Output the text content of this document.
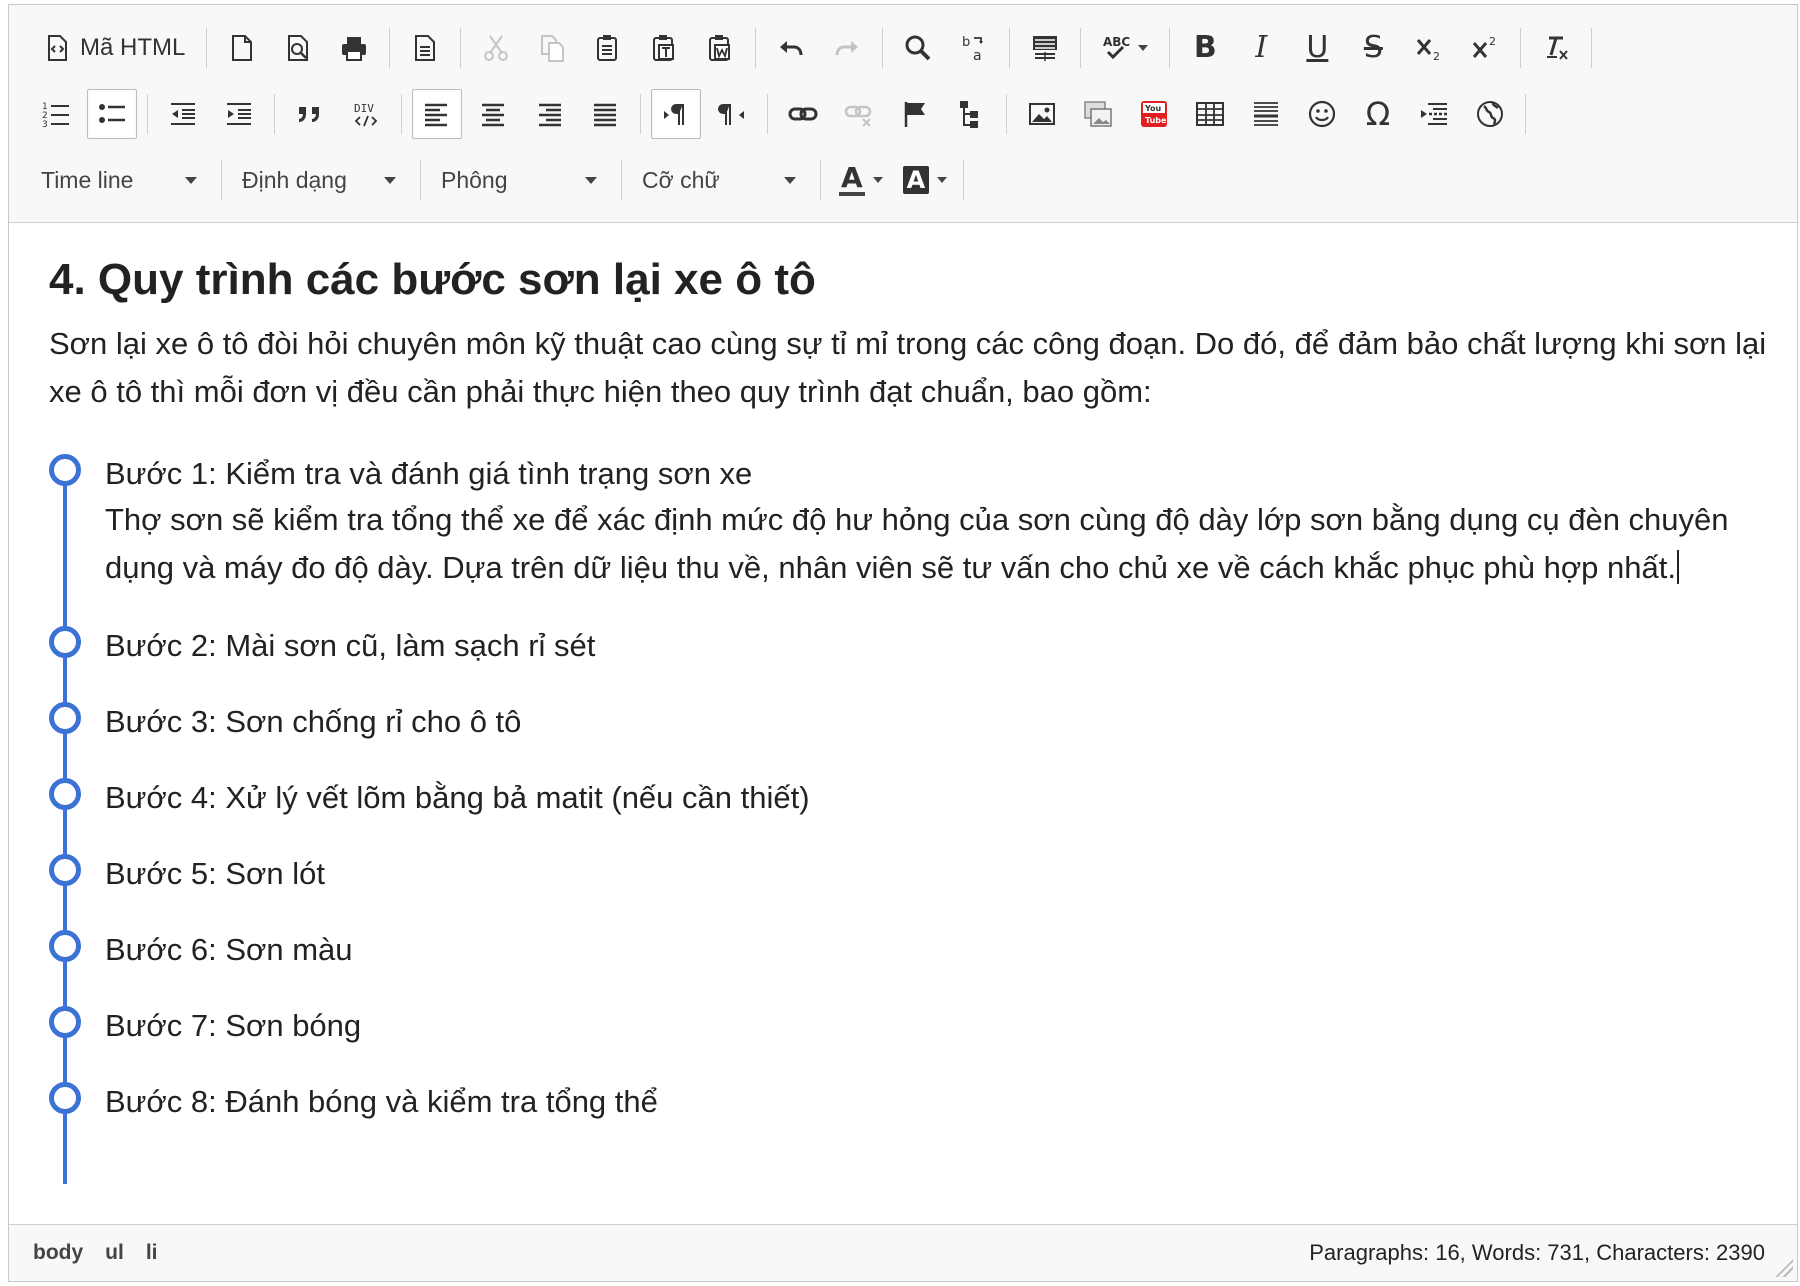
Mã HTML	b
a
ABC B I U S	2
2
1
2
3
DIV	You
Tube	Ω
Time line	Định dạng	Phông	Cỡ chữ	A A
4. Quy trình các bước sơn lại xe ô tô

Sơn lại xe ô tô đòi hỏi chuyên môn kỹ thuật cao cùng sự tỉ mỉ trong các công đoạn. Do đó, để đảm bảo chất lượng khi sơn lại xe ô tô thì mỗi đơn vị đều cần phải thực hiện theo quy trình đạt chuẩn, bao gồm:

Bước 1: Kiểm tra và đánh giá tình trạng sơn xe
Thợ sơn sẽ kiểm tra tổng thể xe để xác định mức độ hư hỏng của sơn cùng độ dày lớp sơn bằng dụng cụ đèn chuyên dụng và máy đo độ dày. Dựa trên dữ liệu thu về, nhân viên sẽ tư vấn cho chủ xe về cách khắc phục phù hợp nhất.
Bước 2: Mài sơn cũ, làm sạch rỉ sét
Bước 3: Sơn chống rỉ cho ô tô
Bước 4: Xử lý vết lõm bằng bả matit (nếu cần thiết)
Bước 5: Sơn lót
Bước 6: Sơn màu
Bước 7: Sơn bóng
Bước 8: Đánh bóng và kiểm tra tổng thể
body ul li	Paragraphs: 16, Words: 731, Characters: 2390
